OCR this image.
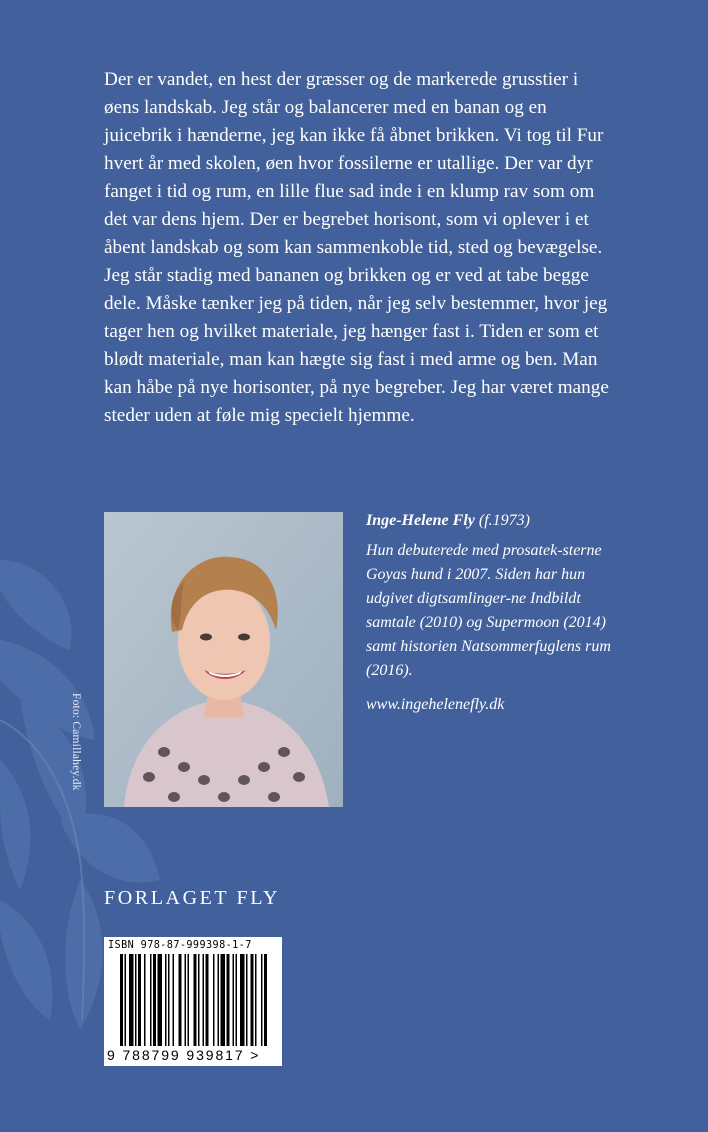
Der er vandet, en hest der græsser og de markerede grusstier i øens landskab. Jeg står og balancerer med en banan og en juicebrik i hænderne, jeg kan ikke få åbnet brikken. Vi tog til Fur hvert år med skolen, øen hvor fossilerne er utallige. Der var dyr fanget i tid og rum, en lille flue sad inde i en klump rav som om det var dens hjem. Der er begrebet horisont, som vi oplever i et åbent landskab og som kan sammenkoble tid, sted og bevægelse. Jeg står stadig med bananen og brikken og er ved at tabe begge dele. Måske tænker jeg på tiden, når jeg selv bestemmer, hvor jeg tager hen og hvilket materiale, jeg hænger fast i. Tiden er som et blødt materiale, man kan hægte sig fast i med arme og ben. Man kan håbe på nye horisonter, på nye begreber. Jeg har været mange steder uden at føle mig specielt hjemme.

Foto: Camillahey.dk

Inge-Helene Fly (f.1973)

Hun debuterede med prosatek-sterne Goyas hund i 2007. Siden har hun udgivet digtsamlinger-ne Indbildt samtale (2010) og Supermoon (2014) samt historien Natsommerfuglens rum (2016).

www.ingehelenefly.dk

FORLAGET FLY
ISBN 978-87-999398-1-7
9 788799 939817 >
